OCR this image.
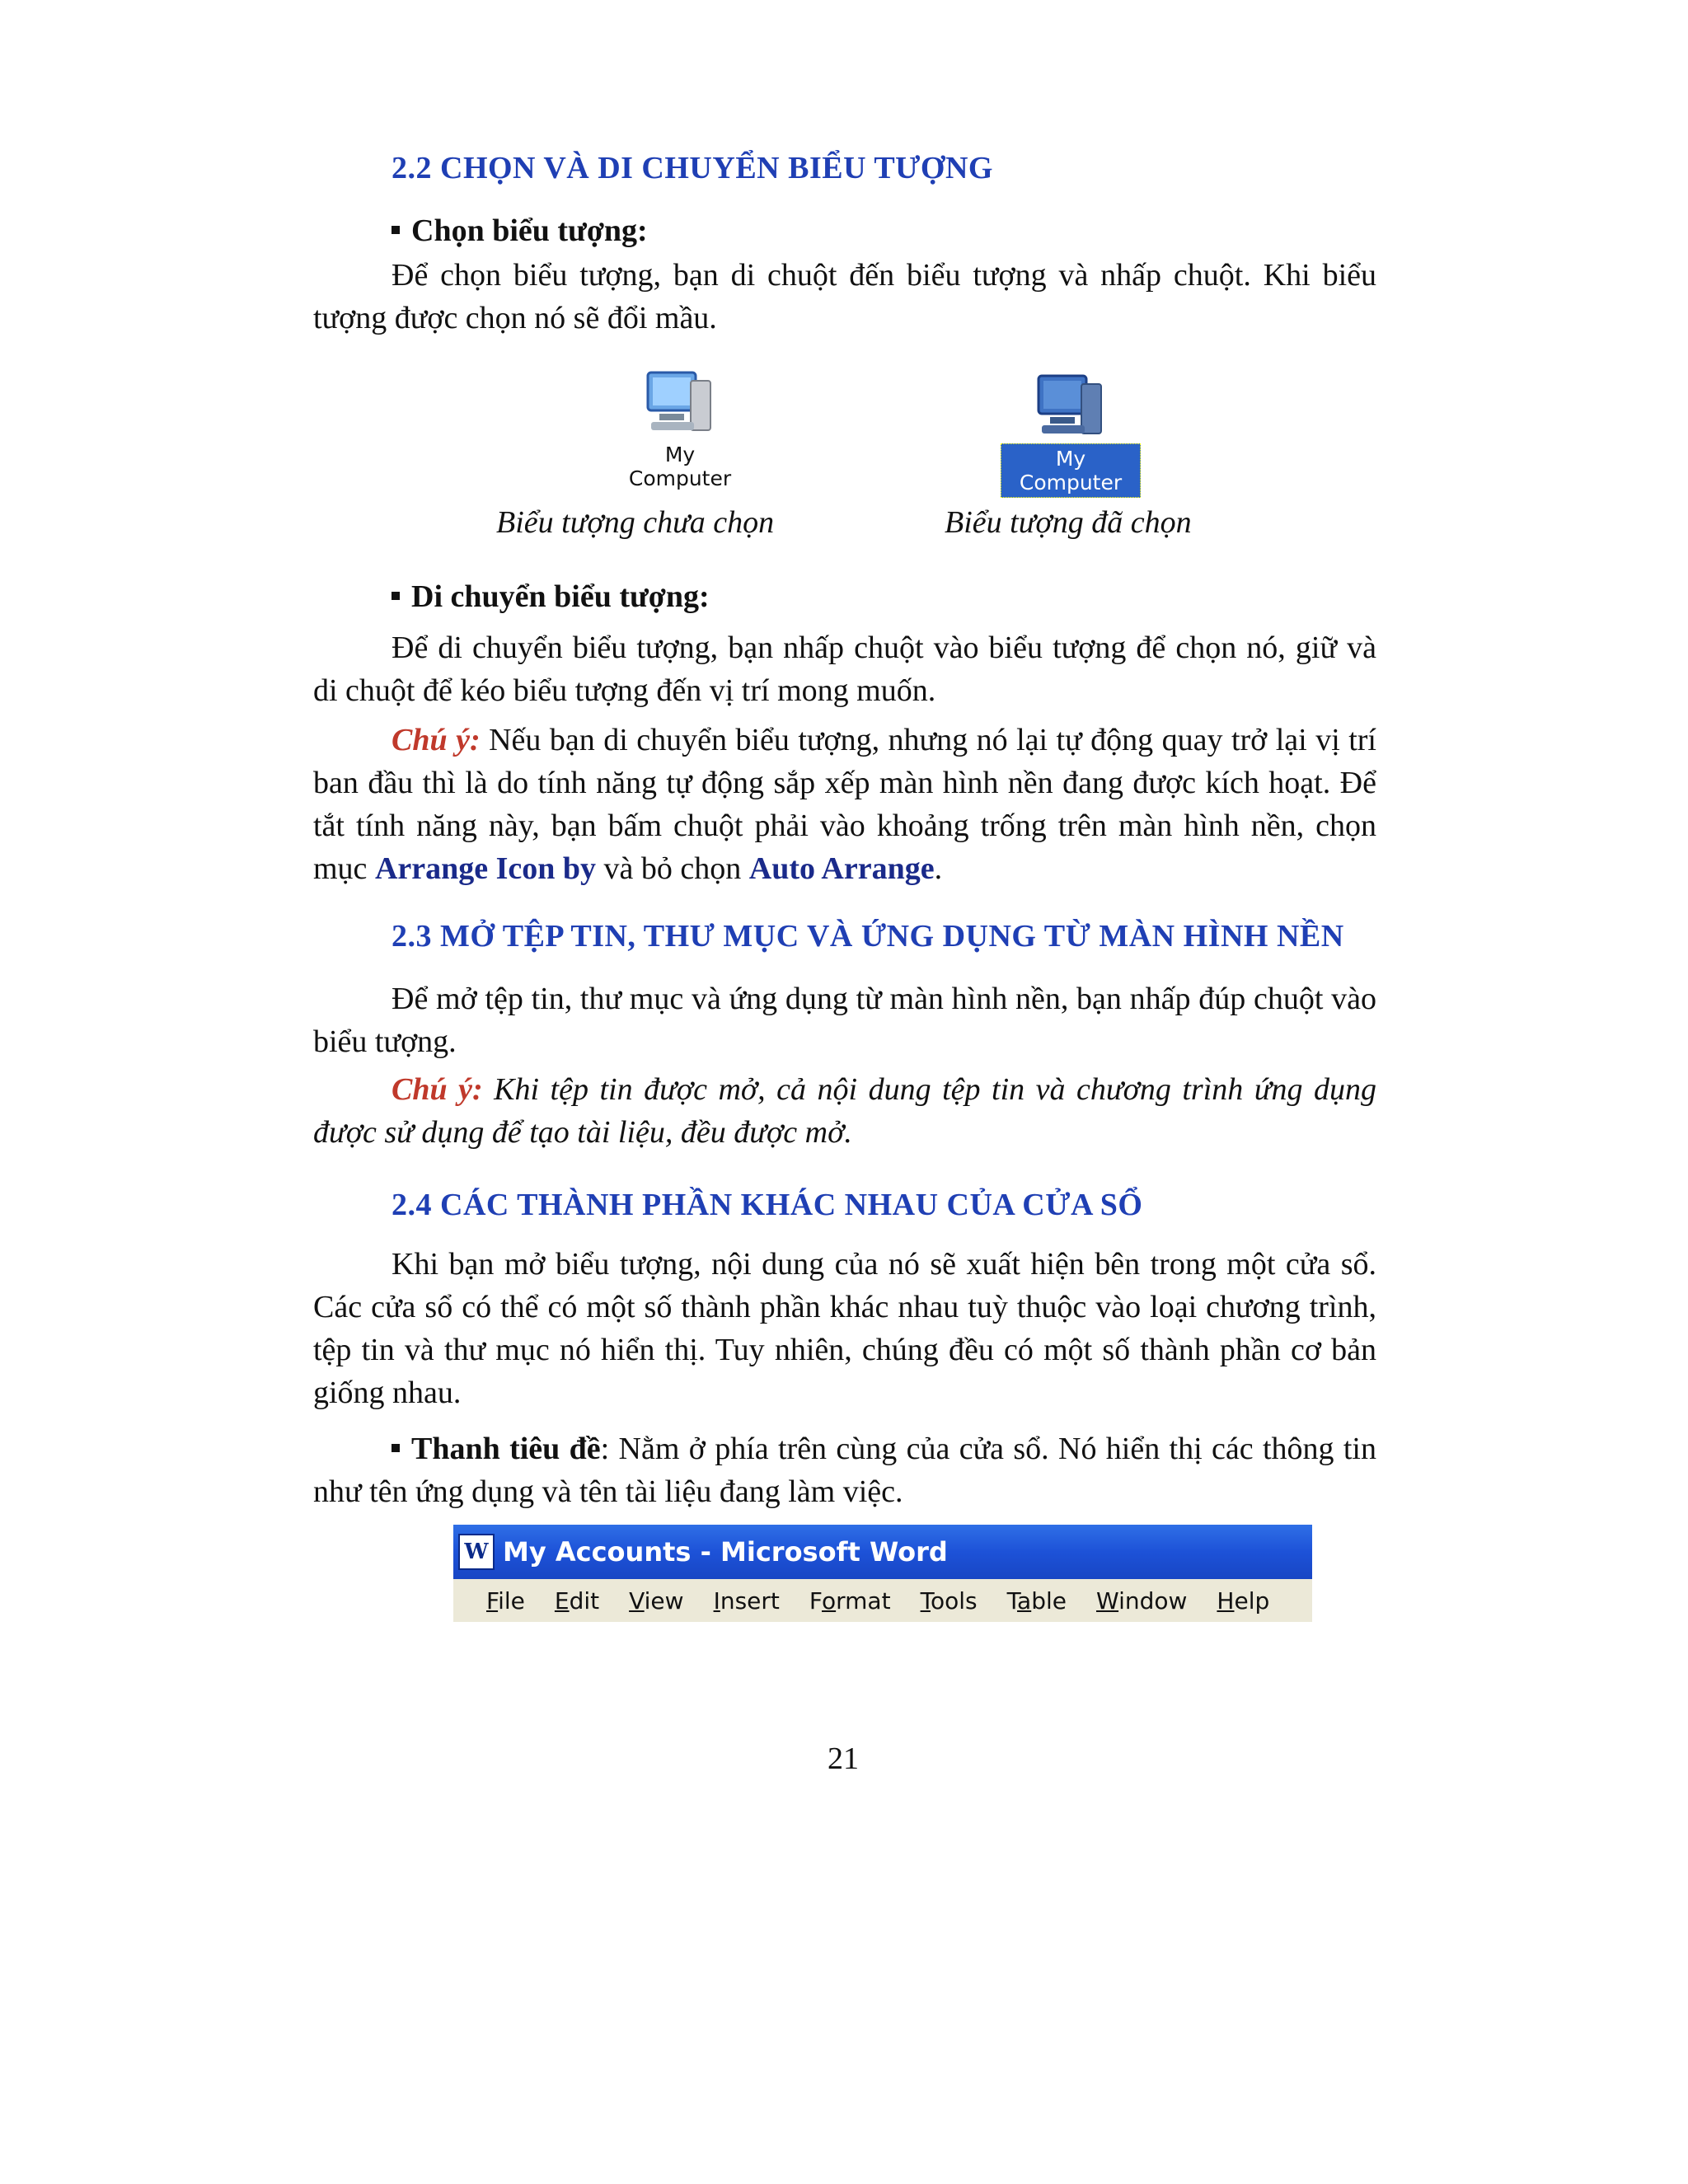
2.2 CHỌN VÀ DI CHUYỂN BIỂU TƯỢNG
Chọn biểu tượng:

Để chọn biểu tượng, bạn di chuột đến biểu tượng và nhấp chuột. Khi biểu tượng được chọn nó sẽ đổi mầu.

My Computer
My Computer
Biểu tượng chưa chọn	Biểu tượng đã chọn
Di chuyển biểu tượng:

Để di chuyển biểu tượng, bạn nhấp chuột vào biểu tượng để chọn nó, giữ và di chuột để kéo biểu tượng đến vị trí mong muốn.

Chú ý: Nếu bạn di chuyển biểu tượng, nhưng nó lại tự động quay trở lại vị trí ban đầu thì là do tính năng tự động sắp xếp màn hình nền đang được kích hoạt. Để tắt tính năng này, bạn bấm chuột phải vào khoảng trống trên màn hình nền, chọn mục Arrange Icon by và bỏ chọn Auto Arrange.

2.3 MỞ TỆP TIN, THƯ MỤC VÀ ỨNG DỤNG TỪ MÀN HÌNH NỀN

Để mở tệp tin, thư mục và ứng dụng từ màn hình nền, bạn nhấp đúp chuột vào biểu tượng.

Chú ý: Khi tệp tin được mở, cả nội dung tệp tin và chương trình ứng dụng được sử dụng để tạo tài liệu, đều được mở.

2.4 CÁC THÀNH PHẦN KHÁC NHAU CỦA CỬA SỔ

Khi bạn mở biểu tượng, nội dung của nó sẽ xuất hiện bên trong một cửa sổ. Các cửa sổ có thể có một số thành phần khác nhau tuỳ thuộc vào loại chương trình, tệp tin và thư mục nó hiển thị. Tuy nhiên, chúng đều có một số thành phần cơ bản giống nhau.

Thanh tiêu đề: Nằm ở phía trên cùng của cửa sổ. Nó hiển thị các thông tin như tên ứng dụng và tên tài liệu đang làm việc.

W My Accounts - Microsoft Word
File Edit View Insert Format Tools Table Window Help
21
